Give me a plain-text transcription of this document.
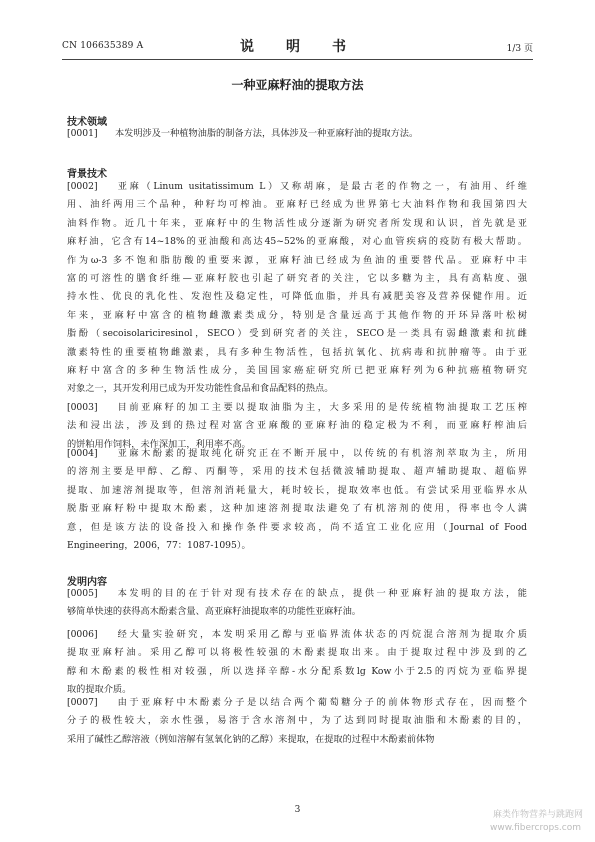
CN 106635389 A	说　明　书	1/3 页
一种亚麻籽油的提取方法
技术领域
[0001] 本发明涉及一种植物油脂的制备方法，具体涉及一种亚麻籽油的提取方法。
背景技术
[0002] 亚麻（Linum usitatissimum L）又称胡麻，是最古老的作物之一，有油用、纤维
用、油纤两用三个品种，种籽均可榨油。亚麻籽已经成为世界第七大油料作物和我国第四大
油料作物。近几十年来，亚麻籽中的生物活性成分逐渐为研究者所发现和认识，首先就是亚
麻籽油，它含有14~18%的亚油酸和高达45~52%的亚麻酸，对心血管疾病的疫防有极大帮助。
作为ω-3 多不饱和脂肪酸的重要来源，亚麻籽油已经成为鱼油的重要替代品。亚麻籽中丰
富的可溶性的膳食纤维—亚麻籽胶也引起了研究者的关注，它以多糖为主，具有高粘度、强
持水性、优良的乳化性、发泡性及稳定性，可降低血脂，并具有减肥美容及营养保健作用。近
年来，亚麻籽中富含的植物雌激素类成分，特别是含量远高于其他作物的开环异落叶松树
脂酚（secoisolariciresinol，SECO）受到研究者的关注，SECO是一类具有弱雌激素和抗雌
激素特性的重要植物雌激素，具有多种生物活性，包括抗氧化、抗病毒和抗肿瘤等。由于亚
麻籽中富含的多种生物活性成分，美国国家癌症研究所已把亚麻籽列为6种抗癌植物研究
对象之一，其开发利用已成为开发功能性食品和食品配料的热点。
[0003] 目前亚麻籽的加工主要以提取油脂为主，大多采用的是传统植物油提取工艺压榨
法和浸出法，涉及到的热过程对富含亚麻酸的亚麻籽油的稳定极为不利，而亚麻籽榨油后
的饼粕用作饲料，未作深加工，利用率不高。
[0004] 亚麻木酚素的提取纯化研究正在不断开展中，以传统的有机溶剂萃取为主，所用
的溶剂主要是甲醇、乙醇、丙酮等，采用的技术包括微波辅助提取、超声辅助提取、超临界
提取、加速溶剂提取等，但溶剂消耗量大，耗时较长，提取效率也低。有尝试采用亚临界水从
脱脂亚麻籽粉中提取木酚素，这种加速溶剂提取法避免了有机溶剂的使用，得率也令人满
意，但是该方法的设备投入和操作条件要求较高，尚不适宜工业化应用（Journal of Food
Engineering，2006，77：1087-1095）。
发明内容
[0005] 本发明的目的在于针对现有技术存在的缺点，提供一种亚麻籽油的提取方法，能
够简单快速的获得高木酚素含量、高亚麻籽油提取率的功能性亚麻籽油。
[0006] 经大量实验研究，本发明采用乙醇与亚临界流体状态的丙烷混合溶剂为提取介质
提取亚麻籽油。采用乙醇可以将极性较强的木酚素提取出来。由于提取过程中涉及到的乙
醇和木酚素的极性相对较强，所以选择辛醇-水分配系数lg Kow小于2.5的丙烷为亚临界提
取的提取介质。
[0007] 由于亚麻籽中木酚素分子是以结合两个葡萄糖分子的前体物形式存在，因而整个
分子的极性较大，亲水性强，易溶于含水溶剂中，为了达到同时提取油脂和木酚素的目的，
采用了碱性乙醇溶液（例如溶解有氢氧化钠的乙醇）来提取，在提取的过程中木酚素前体物
3	麻类作物营养与跳跑网
www.fibercrops.com
